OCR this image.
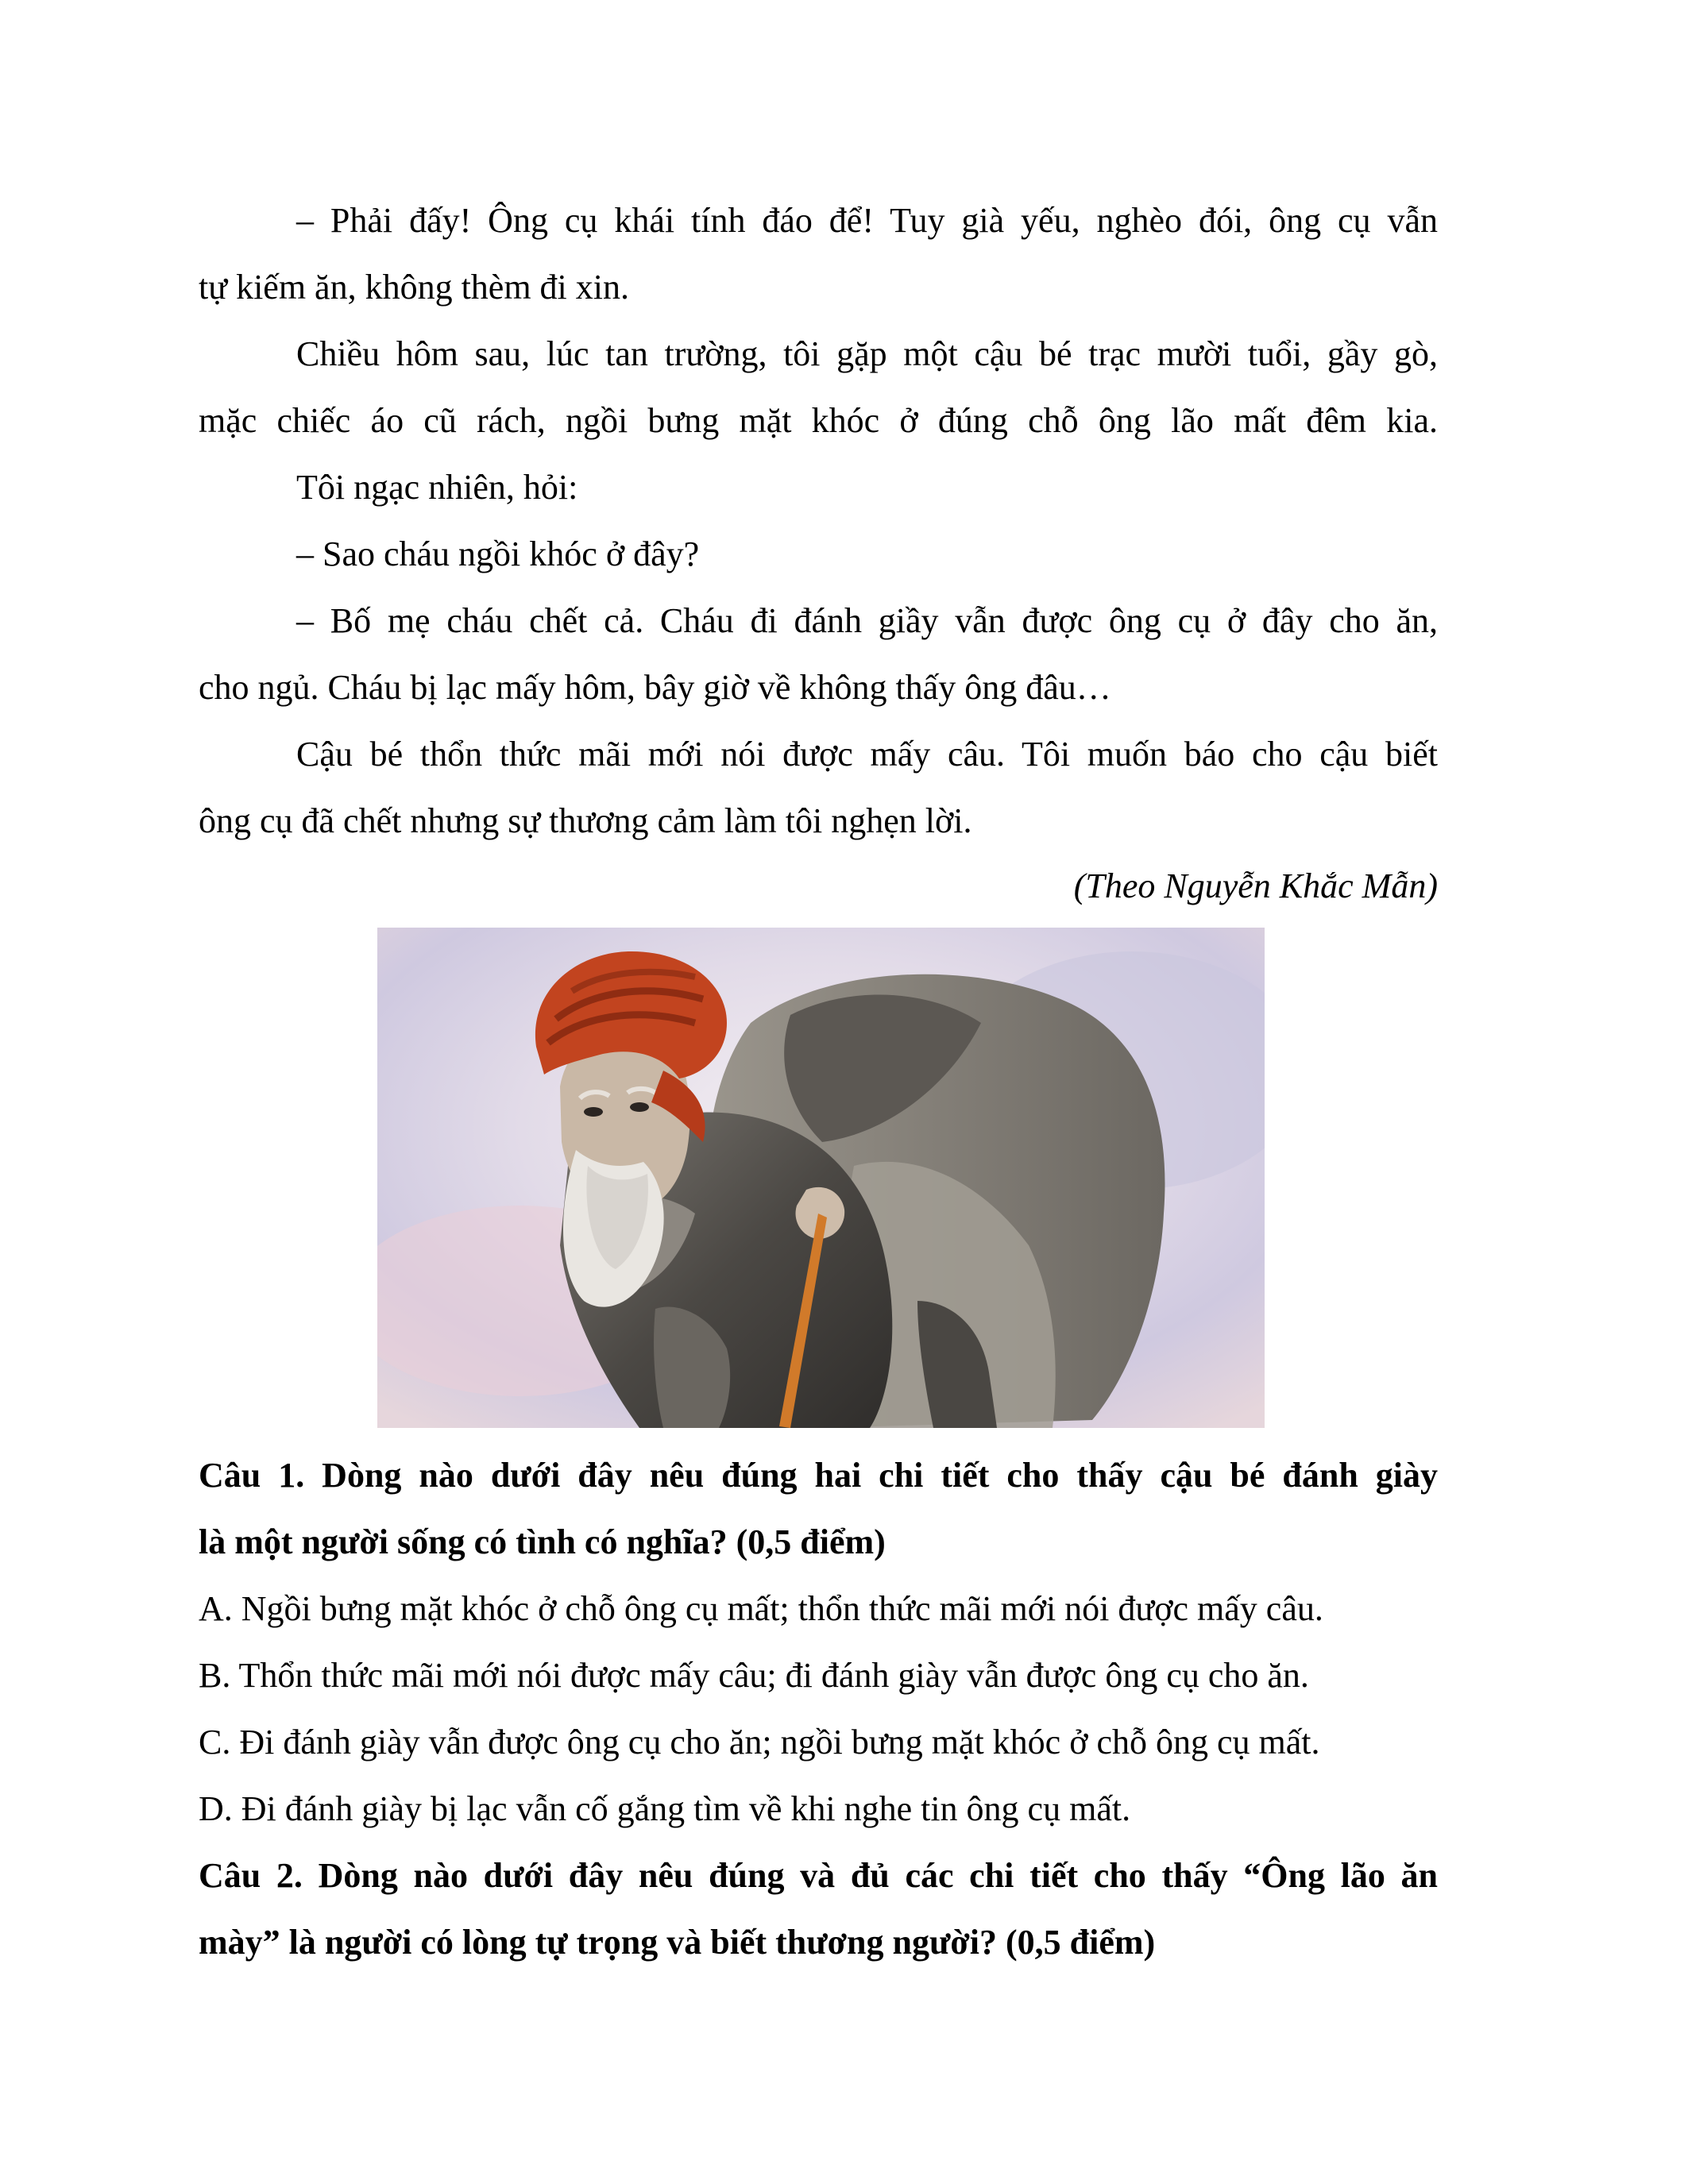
– Phải đấy! Ông cụ khái tính đáo để! Tuy già yếu, nghèo đói, ông cụ vẫn
tự kiếm ăn, không thèm đi xin.
Chiều hôm sau, lúc tan trường, tôi gặp một cậu bé trạc mười tuổi, gầy gò,
mặc chiếc áo cũ rách, ngồi bưng mặt khóc ở đúng chỗ ông lão mất đêm kia.
Tôi ngạc nhiên, hỏi:
– Sao cháu ngồi khóc ở đây?
– Bố mẹ cháu chết cả. Cháu đi đánh giầy vẫn được ông cụ ở đây cho ăn,
cho ngủ. Cháu bị lạc mấy hôm, bây giờ về không thấy ông đâu…
Cậu bé thổn thức mãi mới nói được mấy câu. Tôi muốn báo cho cậu biết
ông cụ đã chết nhưng sự thương cảm làm tôi nghẹn lời.
(Theo Nguyễn Khắc Mẫn)
Câu 1. Dòng nào dưới đây nêu đúng hai chi tiết cho thấy cậu bé đánh giày
là một người sống có tình có nghĩa? (0,5 điểm)
A. Ngồi bưng mặt khóc ở chỗ ông cụ mất; thổn thức mãi mới nói được mấy câu.
B. Thổn thức mãi mới nói được mấy câu; đi đánh giày vẫn được ông cụ cho ăn.
C. Đi đánh giày vẫn được ông cụ cho ăn; ngồi bưng mặt khóc ở chỗ ông cụ mất.
D. Đi đánh giày bị lạc vẫn cố gắng tìm về khi nghe tin ông cụ mất.
Câu 2. Dòng nào dưới đây nêu đúng và đủ các chi tiết cho thấy “Ông lão ăn
mày” là người có lòng tự trọng và biết thương người? (0,5 điểm)
